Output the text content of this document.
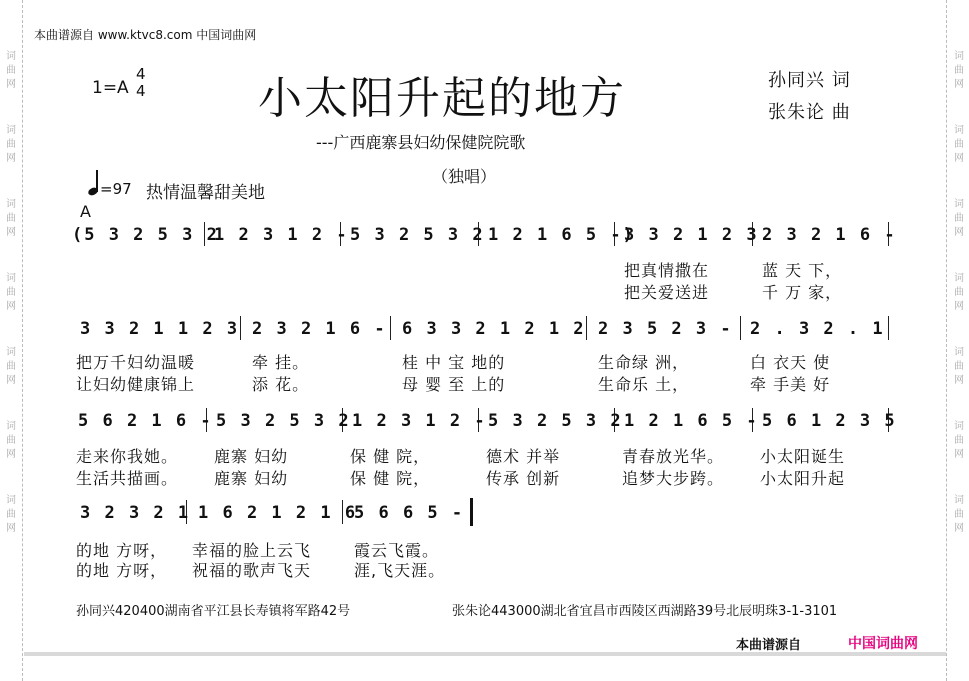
词曲网
词曲网
词曲网
词曲网
词曲网
词曲网
词曲网
词曲网
词曲网
词曲网
词曲网
词曲网
词曲网
词曲网
本曲谱源自 www.ktvc8.com 中国词曲网
1=A
4
4	小太阳升起的地方	孙同兴 词
张朱论 曲
---广西鹿寨县妇幼保健院院歌
（独唱）
=97 热情温馨甜美地
A
(5 3 2 5 3 2
1 2 3 1 2 - 5 3 2 5 3 2 1 2 1 6 5 -)
3 3 2 1 2 3 2 3 2 1 6 -
把真情撒在	蓝 天 下，
把关爱送进	千 万 家，
3 3 2 1 1 2 3 2 3 2 1 6 - 6 3 3 2 1 2 1 2 2 3 5 2 3 - 2 . 3 2 . 1
把万千妇幼温暖	牵 挂。	桂 中 宝 地的	生命绿 洲，	白 衣天 使
让妇幼健康锦上	添 花。	母 婴 至 上的	生命乐 土，	牵 手美 好
5 6 2 1 6 - 5 3 2 5 3 2 1 2 3 1 2 - 5 3 2 5 3 2 1 2 1 6 5 - 5 6 1 2 3 5
走来你我她。 鹿寨 妇幼	保 健 院，	德术 并举	青春放光华。 小太阳诞生
生活共描画。 鹿寨 妇幼	保 健 院，	传承 创新	追梦大步跨。 小太阳升起
3 2 3 2 1 1 6 2 1 2 1 6
5 6 6 5 -
的地 方呀， 幸福的脸上云飞	霞云飞霞。
的地 方呀， 祝福的歌声飞天	涯,飞天涯。
孙同兴420400湖南省平江县长寿镇将军路42号	张朱论443000湖北省宜昌市西陵区西湖路39号北辰明珠3-1-3101
本曲谱源自	中国词曲网
